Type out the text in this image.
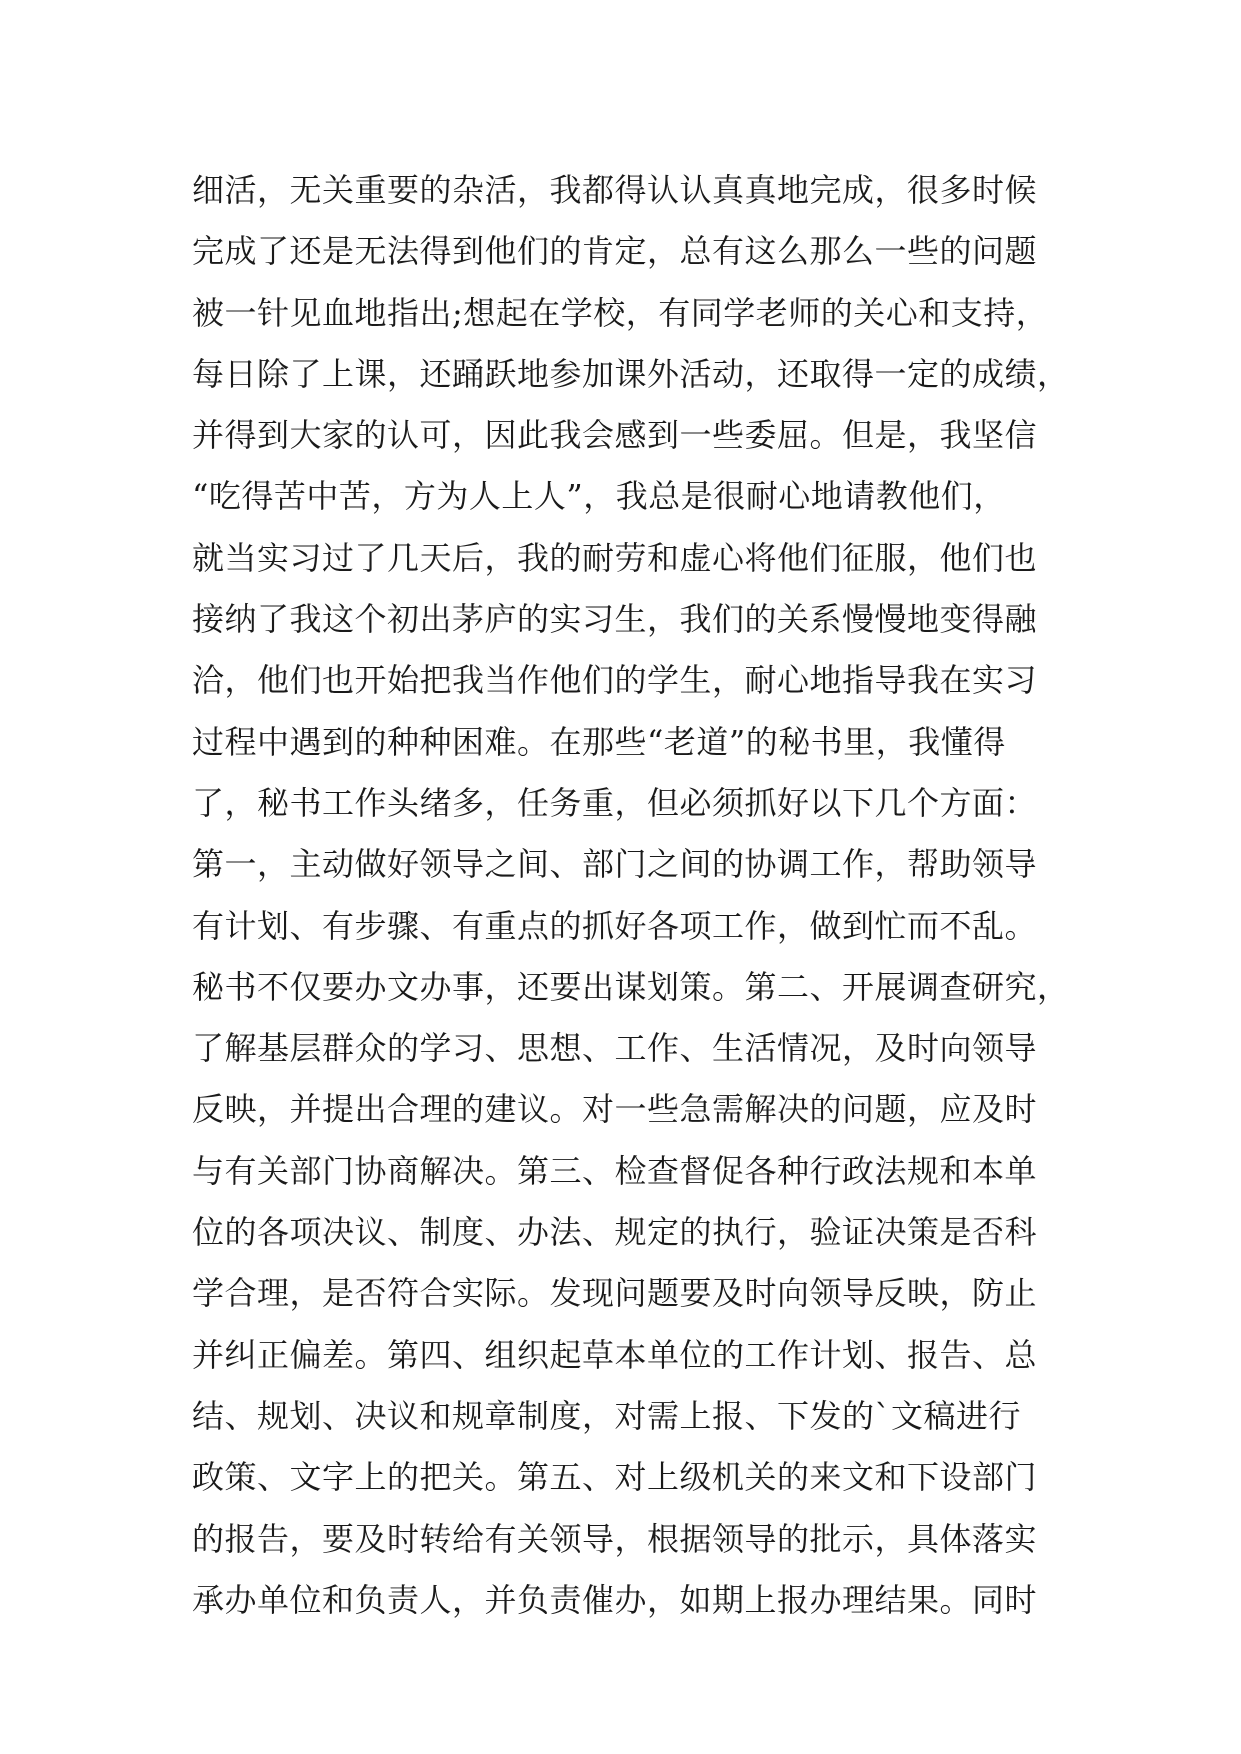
细活，无关重要的杂活，我都得认认真真地完成，很多时候
完成了还是无法得到他们的肯定，总有这么那么一些的问题
被一针见血地指出;想起在学校，有同学老师的关心和支持，
每日除了上课，还踊跃地参加课外活动，还取得一定的成绩，
并得到大家的认可，因此我会感到一些委屈。但是，我坚信
“吃得苦中苦，方为人上人”，我总是很耐心地请教他们，
就当实习过了几天后，我的耐劳和虚心将他们征服，他们也
接纳了我这个初出茅庐的实习生，我们的关系慢慢地变得融
洽，他们也开始把我当作他们的学生，耐心地指导我在实习
过程中遇到的种种困难。在那些“老道”的秘书里，我懂得
了，秘书工作头绪多，任务重，但必须抓好以下几个方面：
第一，主动做好领导之间、部门之间的协调工作，帮助领导
有计划、有步骤、有重点的抓好各项工作，做到忙而不乱。
秘书不仅要办文办事，还要出谋划策。第二、开展调查研究，
了解基层群众的学习、思想、工作、生活情况，及时向领导
反映，并提出合理的建议。对一些急需解决的问题，应及时
与有关部门协商解决。第三、检查督促各种行政法规和本单
位的各项决议、制度、办法、规定的执行，验证决策是否科
学合理，是否符合实际。发现问题要及时向领导反映，防止
并纠正偏差。第四、组织起草本单位的工作计划、报告、总
结、规划、决议和规章制度，对需上报、下发的`文稿进行
政策、文字上的把关。第五、对上级机关的来文和下设部门
的报告，要及时转给有关领导，根据领导的批示，具体落实
承办单位和负责人，并负责催办，如期上报办理结果。同时
